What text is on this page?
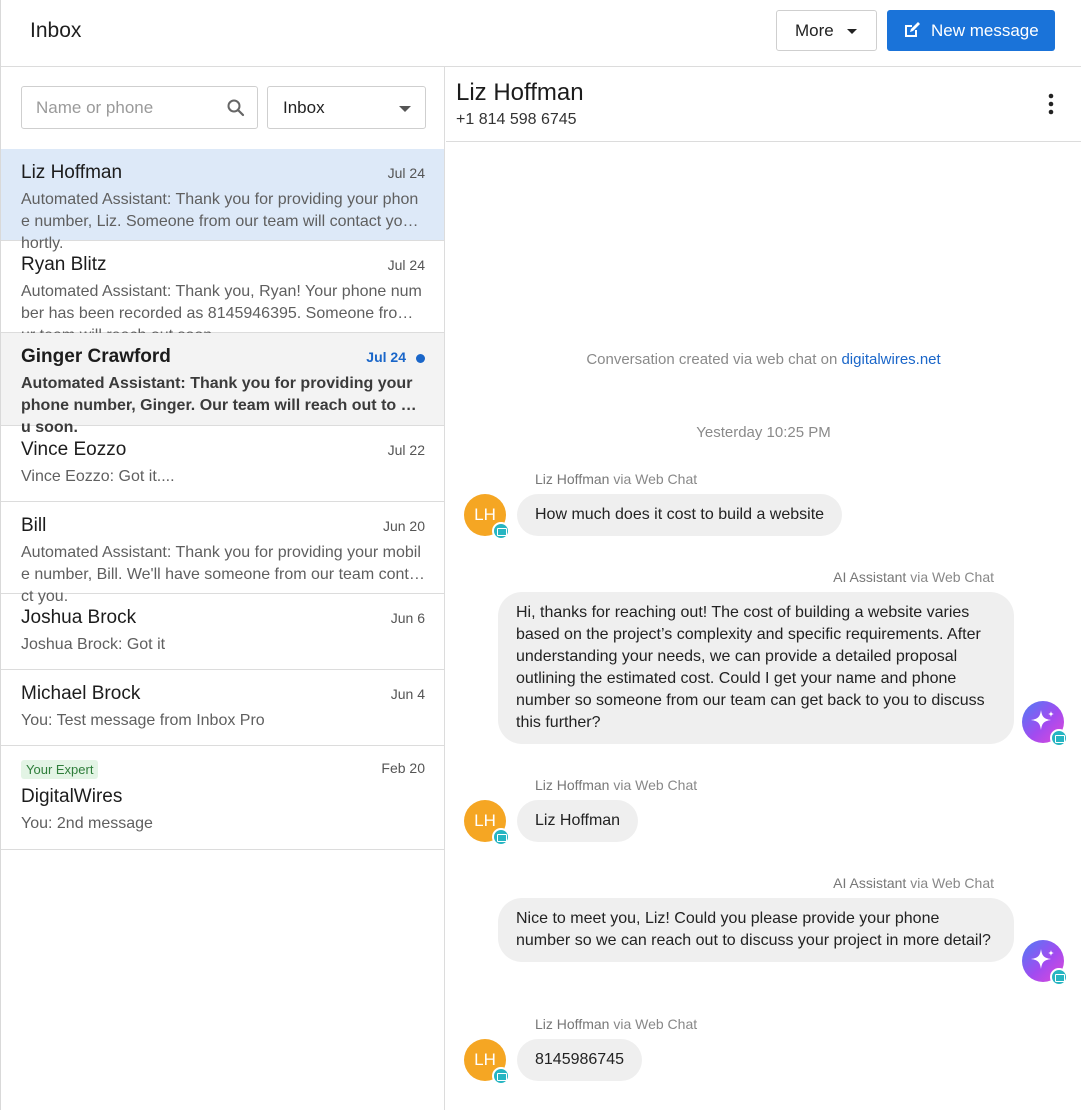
Inbox	More	New message
Name or phone
Inbox
Liz Hoffman	Jul 24
Automated Assistant: Thank you for providing your phone number, Liz. Someone from our team will contact you shortly.
Ryan Blitz	Jul 24
Automated Assistant: Thank you, Ryan! Your phone number has been recorded as 8145946395. Someone from o
Ginger Crawford	Jul 24
Automated Assistant: Thank you for providing your phone number, Ginger. Our team will reach out to you soon.
Vince Eozzo	Jul 22
Vince Eozzo: Got it....
Bill	Jun 20
Automated Assistant: Thank you for providing your mobile number, Bill. We'll have someone from our team contact you.
Joshua Brock	Jun 6
Joshua Brock: Got it
Michael Brock	Jun 4
You: Test message from Inbox Pro
Your Expert	Feb 20
DigitalWires
You: 2nd message
Liz Hoffman
+1 814 598 6745
Conversation created via web chat on digitalwires.net
Yesterday 10:25 PM
Liz Hoffman via Web Chat
LH	How much does it cost to build a website
AI Assistant via Web Chat
Hi, thanks for reaching out! The cost of building a website varies based on the project’s complexity and specific requirements. After understanding your needs, we can provide a detailed proposal outlining the estimated cost. Could I get your name and phone number so someone from our team can get back to you to discuss this further?
Liz Hoffman via Web Chat
LH	Liz Hoffman
AI Assistant via Web Chat
Nice to meet you, Liz! Could you please provide your phone number so we can reach out to discuss your project in more detail?
Liz Hoffman via Web Chat
LH	8145986745
